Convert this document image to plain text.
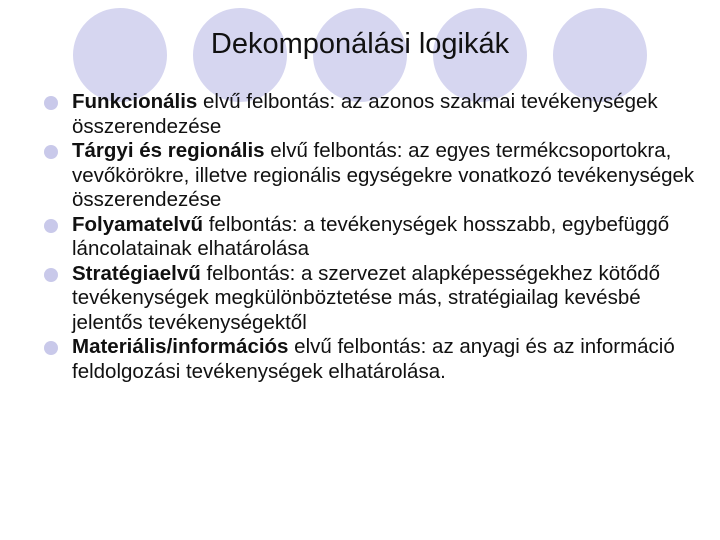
Dekomponálási logikák
Funkcionális elvű felbontás: az azonos szakmai tevékenységek összerendezése
Tárgyi és regionális elvű felbontás: az egyes termékcsoportokra, vevőkörökre, illetve regionális egységekre vonatkozó tevékenységek összerendezése
Folyamatelvű felbontás: a tevékenységek hosszabb, egybefüggő láncolatainak elhatárolása
Stratégiaelvű felbontás: a szervezet alapképességekhez kötődő tevékenységek megkülönböztetése más, stratégiailag kevésbé jelentős tevékenységektől
Materiális/információs elvű felbontás: az anyagi és az információ feldolgozási tevékenységek elhatárolása.
